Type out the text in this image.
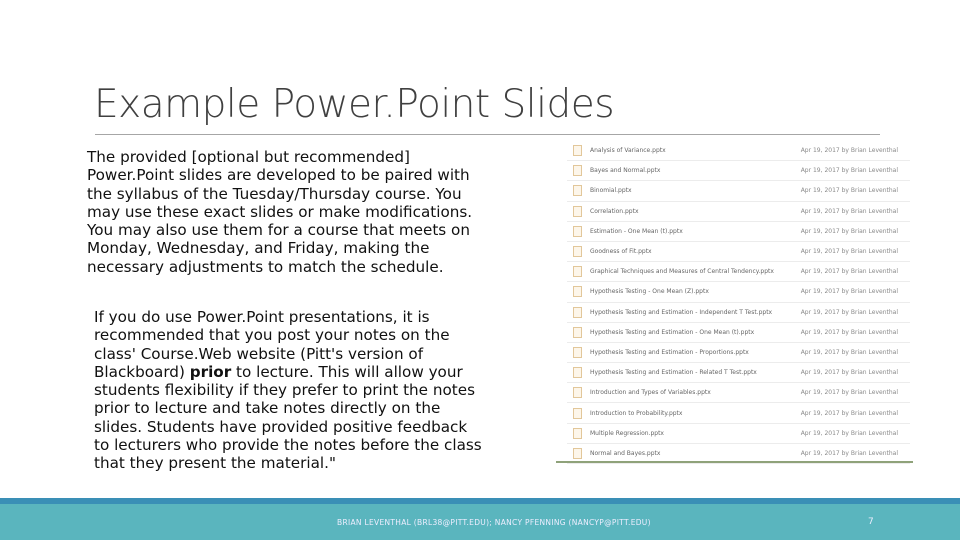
Example Power.Point Slides
The provided [optional but recommended] Power.Point slides are developed to be paired with the syllabus of the Tuesday/Thursday course. You may use these exact slides or make modifications. You may also use them for a course that meets on Monday, Wednesday, and Friday, making the necessary adjustments to match the schedule.
If you do use Power.Point presentations, it is recommended that you post your notes on the class' Course.Web website (Pitt's version of Blackboard) prior to lecture. This will allow your students flexibility if they prefer to print the notes prior to lecture and take notes directly on the slides. Students have provided positive feedback to lecturers who provide the notes before the class that they present the material."
Analysis of Variance.pptx	Apr 19, 2017 by Brian Leventhal
Bayes and Normal.pptx	Apr 19, 2017 by Brian Leventhal
Binomial.pptx	Apr 19, 2017 by Brian Leventhal
Correlation.pptx	Apr 19, 2017 by Brian Leventhal
Estimation - One Mean (t).pptx	Apr 19, 2017 by Brian Leventhal
Goodness of Fit.pptx	Apr 19, 2017 by Brian Leventhal
Graphical Techniques and Measures of Central Tendency.pptx	Apr 19, 2017 by Brian Leventhal
Hypothesis Testing - One Mean (Z).pptx	Apr 19, 2017 by Brian Leventhal
Hypothesis Testing and Estimation - Independent T Test.pptx	Apr 19, 2017 by Brian Leventhal
Hypothesis Testing and Estimation - One Mean (t).pptx	Apr 19, 2017 by Brian Leventhal
Hypothesis Testing and Estimation - Proportions.pptx	Apr 19, 2017 by Brian Leventhal
Hypothesis Testing and Estimation - Related T Test.pptx	Apr 19, 2017 by Brian Leventhal
Introduction and Types of Variables.pptx	Apr 19, 2017 by Brian Leventhal
Introduction to Probability.pptx	Apr 19, 2017 by Brian Leventhal
Multiple Regression.pptx	Apr 19, 2017 by Brian Leventhal
Normal and Bayes.pptx	Apr 19, 2017 by Brian Leventhal
BRIAN LEVENTHAL (BRL38@PITT.EDU); NANCY PFENNING (NANCYP@PITT.EDU)	7
